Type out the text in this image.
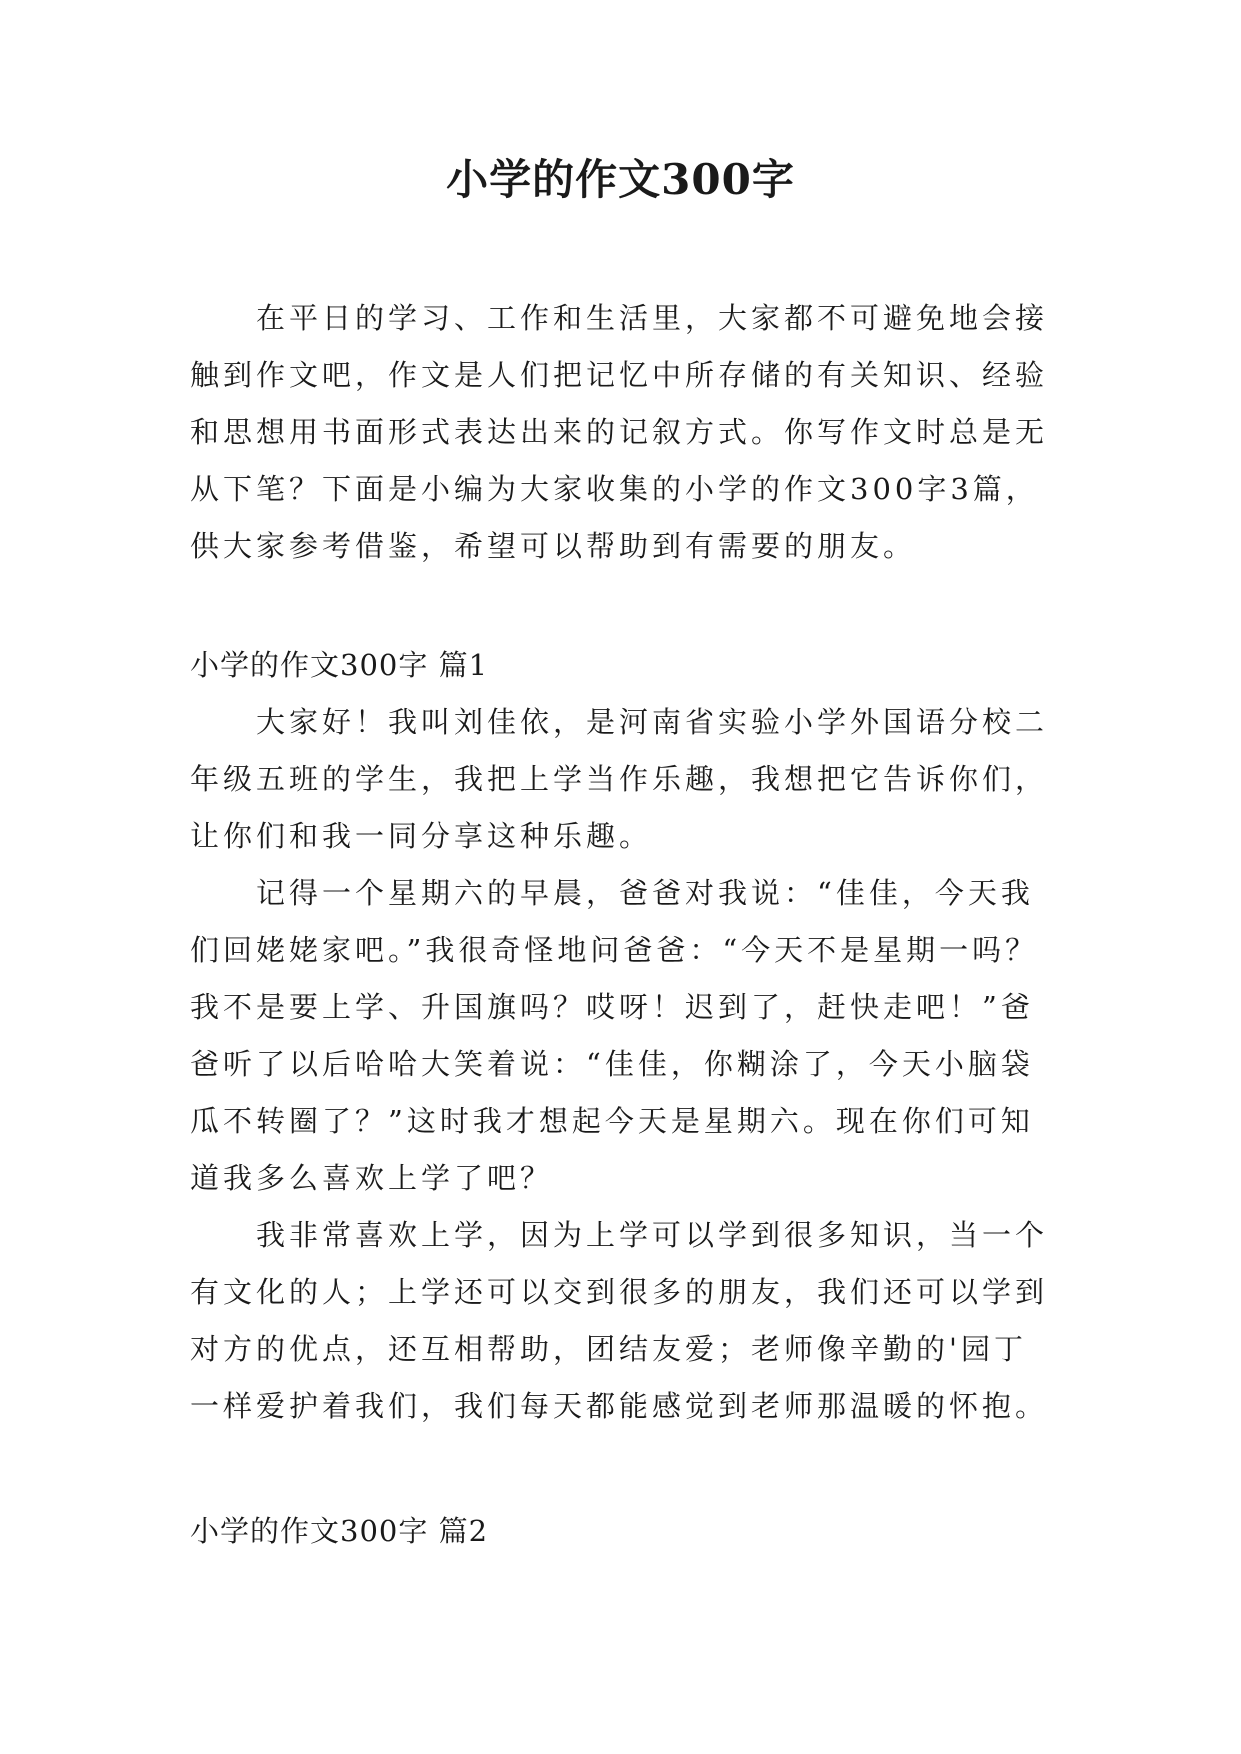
小学的作文300字
在平日的学习、工作和生活里，大家都不可避免地会接
触到作文吧，作文是人们把记忆中所存储的有关知识、经验
和思想用书面形式表达出来的记叙方式。你写作文时总是无
从下笔？下面是小编为大家收集的小学的作文300字3篇，
供大家参考借鉴，希望可以帮助到有需要的朋友。
小学的作文300字 篇1
大家好！我叫刘佳依，是河南省实验小学外国语分校二
年级五班的学生，我把上学当作乐趣，我想把它告诉你们，
让你们和我一同分享这种乐趣。
记得一个星期六的早晨，爸爸对我说：“佳佳，今天我
们回姥姥家吧。”我很奇怪地问爸爸：“今天不是星期一吗？
我不是要上学、升国旗吗？哎呀！迟到了，赶快走吧！”爸
爸听了以后哈哈大笑着说：“佳佳，你糊涂了，今天小脑袋
瓜不转圈了？”这时我才想起今天是星期六。现在你们可知
道我多么喜欢上学了吧？
我非常喜欢上学，因为上学可以学到很多知识，当一个
有文化的人；上学还可以交到很多的朋友，我们还可以学到
对方的优点，还互相帮助，团结友爱；老师像辛勤的'园丁
一样爱护着我们，我们每天都能感觉到老师那温暖的怀抱。
小学的作文300字 篇2
